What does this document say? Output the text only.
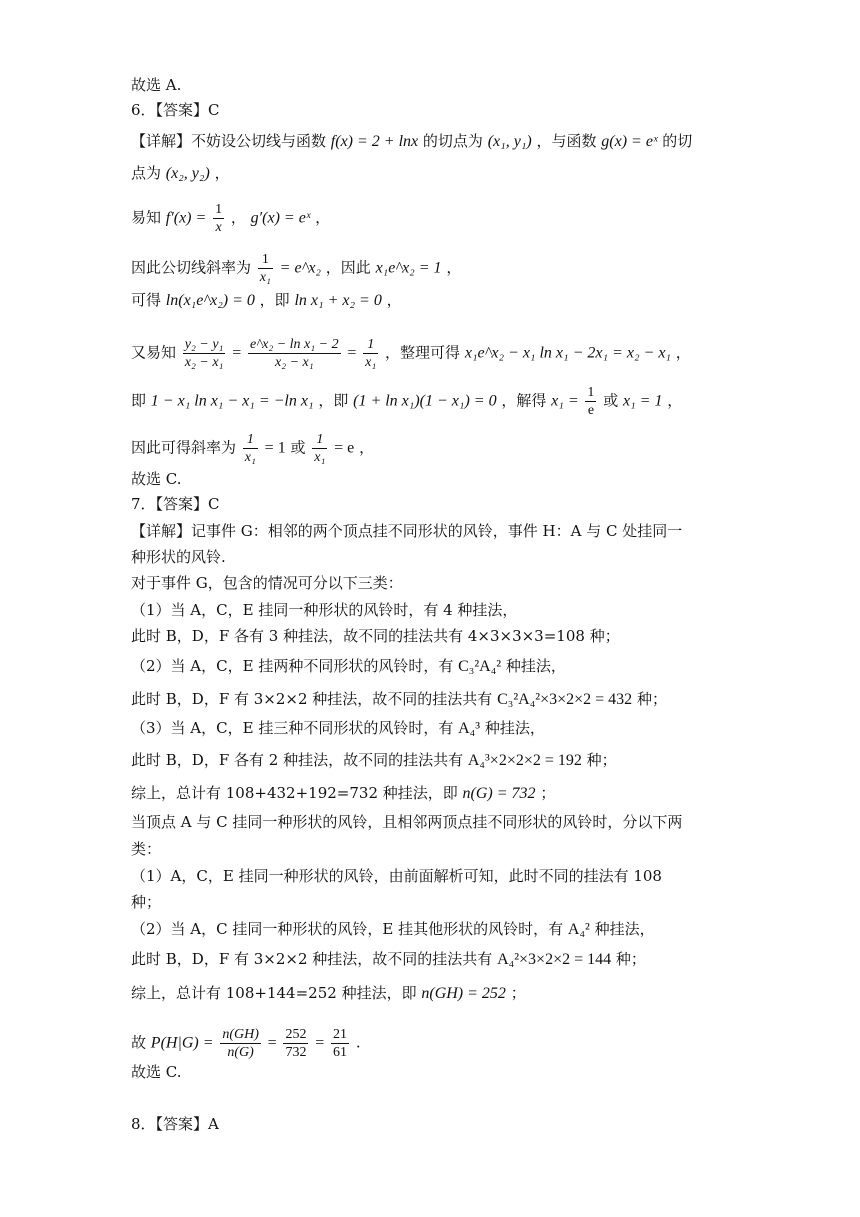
故选 A.
6．【答案】C
【详解】不妨设公切线与函数 f(x) = 2 + lnx 的切点为 (x₁, y₁) ，与函数 g(x) = eˣ 的切
点为 (x₂, y₂) ，
易知 $f'(x) = \frac{1}{x}$ ， g′(x) = eˣ ，
因此公切线斜率为 $\frac{1}{\text{x₁}}$ = e^x₂ ，因此 x₁e^x₂ = 1 ，
可得 ln(x₁e^x₂) = 0 ，即 ln x₁ + x₂ = 0 ，
又易知 $\frac{\text{y₂ − y₁}}{\text{x₂ − x₁}} = \frac{\text{e\textasciicircum{}x₂ − ln x₁ − 2}}{\text{x₂ − x₁}} = \frac{1}{\text{x₁}}$ ，整理可得 x₁e^x₂ − x₁ ln x₁ − 2x₁ = x₂ − x₁ ，
即 1 − x₁ ln x₁ − x₁ = −ln x₁ ，即 (1 + ln x₁)(1 − x₁) = 0 ，解得 $x_1 = \frac{1}{e}$ 或 x₁ = 1 ，
因此可得斜率为 $\frac{1}{\text{x₁}} = 1$ 或 $\frac{1}{\text{x₁}} = e$ ，
故选 C.
7．【答案】C
【详解】记事件 G：相邻的两个顶点挂不同形状的风铃，事件 H：A 与 C 处挂同一
种形状的风铃.
对于事件 G，包含的情况可分以下三类：
（1）当 A，C，E 挂同一种形状的风铃时，有 4 种挂法，
此时 B，D，F 各有 3 种挂法，故不同的挂法共有 4×3×3×3=108 种；
（2）当 A，C，E 挂两种不同形状的风铃时，有 C₃²A₄² 种挂法，
此时 B，D，F 有 3×2×2 种挂法，故不同的挂法共有 C₃²A₄²×3×2×2 = 432 种；
（3）当 A，C，E 挂三种不同形状的风铃时，有 A₄³ 种挂法，
此时 B，D，F 各有 2 种挂法，故不同的挂法共有 A₄³×2×2×2 = 192 种；
综上，总计有 108+432+192=732 种挂法，即 n(G) = 732 ；
当顶点 A 与 C 挂同一种形状的风铃，且相邻两顶点挂不同形状的风铃时，分以下两
类：
（1）A，C，E 挂同一种形状的风铃，由前面解析可知，此时不同的挂法有 108
种；
（2）当 A，C 挂同一种形状的风铃，E 挂其他形状的风铃时，有 A₄² 种挂法，
此时 B，D，F 有 3×2×2 种挂法，故不同的挂法共有 A₄²×3×2×2 = 144 种；
综上，总计有 108+144=252 种挂法，即 n(GH) = 252 ；
故 $P(H|G) = \frac{n(GH)}{n(G)} = \frac{252}{732} = \frac{21}{61}$ .
故选 C.
8．【答案】A
